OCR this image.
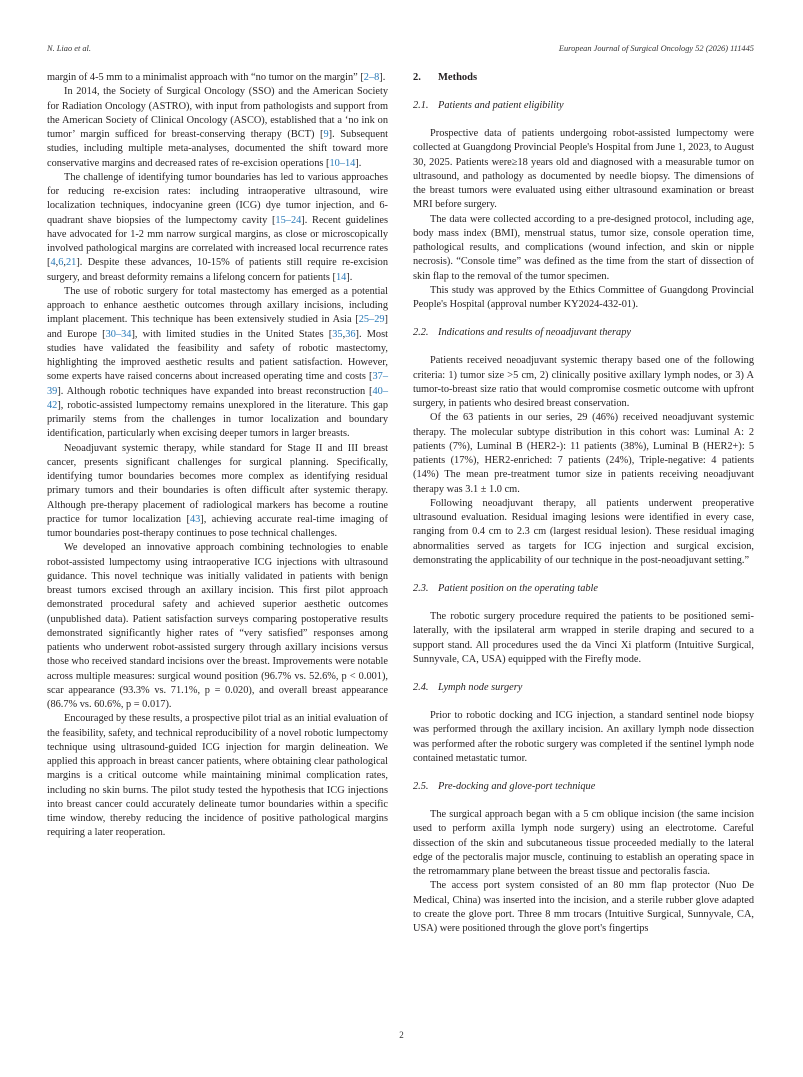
N. Liao et al.	European Journal of Surgical Oncology 52 (2026) 111445

margin of 4-5 mm to a minimalist approach with “no tumor on the margin” [2–8].

In 2014, the Society of Surgical Oncology (SSO) and the American Society for Radiation Oncology (ASTRO), with input from pathologists and support from the American Society of Clinical Oncology (ASCO), established that a ‘no ink on tumor’ margin sufficed for breast-conserving therapy (BCT) [9]. Subsequent studies, including multiple meta-analyses, documented the shift toward more conservative margins and decreased rates of re-excision operations [10–14].

The challenge of identifying tumor boundaries has led to various approaches for reducing re-excision rates: including intraoperative ultrasound, wire localization techniques, indocyanine green (ICG) dye tumor injection, and 6-quadrant shave biopsies of the lumpectomy cavity [15–24]. Recent guidelines have advocated for 1-2 mm narrow surgical margins, as close or microscopically involved pathological margins are correlated with increased local recurrence rates [4,6,21]. Despite these advances, 10-15% of patients still require re-excision surgery, and breast deformity remains a lifelong concern for patients [14].

The use of robotic surgery for total mastectomy has emerged as a potential approach to enhance aesthetic outcomes through axillary incisions, including implant placement. This technique has been extensively studied in Asia [25–29] and Europe [30–34], with limited studies in the United States [35,36]. Most studies have validated the feasibility and safety of robotic mastectomy, highlighting the improved aesthetic results and patient satisfaction. However, some experts have raised concerns about increased operating time and costs [37–39]. Although robotic techniques have expanded into breast reconstruction [40–42], robotic-assisted lumpectomy remains unexplored in the literature. This gap primarily stems from the challenges in tumor localization and boundary identification, particularly when excising deeper tumors in larger breasts.

Neoadjuvant systemic therapy, while standard for Stage II and III breast cancer, presents significant challenges for surgical planning. Specifically, identifying tumor boundaries becomes more complex as identifying residual primary tumors and their boundaries is often difficult after systemic therapy. Although pre-therapy placement of radiological markers has become a routine practice for tumor localization [43], achieving accurate real-time imaging of tumor boundaries post-therapy continues to pose technical challenges.

We developed an innovative approach combining technologies to enable robot-assisted lumpectomy using intraoperative ICG injections with ultrasound guidance. This novel technique was initially validated in patients with benign breast tumors excised through an axillary incision. This first pilot approach demonstrated procedural safety and achieved superior aesthetic outcomes (unpublished data). Patient satisfaction surveys comparing postoperative results demonstrated significantly higher rates of “very satisfied” responses among patients who underwent robot-assisted surgery through axillary incisions versus those who received standard incisions over the breast. Improvements were notable across multiple measures: surgical wound position (96.7% vs. 52.6%, p < 0.001), scar appearance (93.3% vs. 71.1%, p = 0.020), and overall breast appearance (86.7% vs. 60.6%, p = 0.017).

Encouraged by these results, a prospective pilot trial as an initial evaluation of the feasibility, safety, and technical reproducibility of a novel robotic lumpectomy technique using ultrasound-guided ICG injection for margin delineation. We applied this approach in breast cancer patients, where obtaining clear pathological margins is a critical outcome while maintaining minimal complication rates, including no skin burns. The pilot study tested the hypothesis that ICG injections into breast cancer could accurately delineate tumor boundaries within a specific time window, thereby reducing the incidence of positive pathological margins requiring a later reoperation.

2. Methods
2.1. Patients and patient eligibility

Prospective data of patients undergoing robot-assisted lumpectomy were collected at Guangdong Provincial People's Hospital from June 1, 2023, to August 30, 2025. Patients were≥18 years old and diagnosed with a measurable tumor on ultrasound, and pathology as documented by needle biopsy. The dimensions of the breast tumors were evaluated using either ultrasound examination or breast MRI before surgery.

The data were collected according to a pre-designed protocol, including age, body mass index (BMI), menstrual status, tumor size, console operation time, pathological results, and complications (wound infection, and skin or nipple necrosis). “Console time” was defined as the time from the start of dissection of skin flap to the removal of the tumor specimen.

This study was approved by the Ethics Committee of Guangdong Provincial People's Hospital (approval number KY2024-432-01).

2.2. Indications and results of neoadjuvant therapy

Patients received neoadjuvant systemic therapy based one of the following criteria: 1) tumor size >5 cm, 2) clinically positive axillary lymph nodes, or 3) A tumor-to-breast size ratio that would compromise cosmetic outcome with upfront surgery, in patients who desired breast conservation.

Of the 63 patients in our series, 29 (46%) received neoadjuvant systemic therapy. The molecular subtype distribution in this cohort was: Luminal A: 2 patients (7%), Luminal B (HER2-): 11 patients (38%), Luminal B (HER2+): 5 patients (17%), HER2-enriched: 7 patients (24%), Triple-negative: 4 patients (14%) The mean pre-treatment tumor size in patients receiving neoadjuvant therapy was 3.1 ± 1.0 cm.

Following neoadjuvant therapy, all patients underwent preoperative ultrasound evaluation. Residual imaging lesions were identified in every case, ranging from 0.4 cm to 2.3 cm (largest residual lesion). These residual imaging abnormalities served as targets for ICG injection and surgical excision, demonstrating the applicability of our technique in the post-neoadjuvant setting.”

2.3. Patient position on the operating table

The robotic surgery procedure required the patients to be positioned semi-laterally, with the ipsilateral arm wrapped in sterile draping and secured to a support stand. All procedures used the da Vinci Xi platform (Intuitive Surgical, Sunnyvale, CA, USA) equipped with the Firefly mode.

2.4. Lymph node surgery

Prior to robotic docking and ICG injection, a standard sentinel node biopsy was performed through the axillary incision. An axillary lymph node dissection was performed after the robotic surgery was completed if the sentinel lymph node contained metastatic tumor.

2.5. Pre-docking and glove-port technique

The surgical approach began with a 5 cm oblique incision (the same incision used to perform axilla lymph node surgery) using an electrotome. Careful dissection of the skin and subcutaneous tissue proceeded medially to the lateral edge of the pectoralis major muscle, continuing to establish an operating space in the retromammary plane between the breast tissue and pectoralis fascia.

The access port system consisted of an 80 mm flap protector (Nuo De Medical, China) was inserted into the incision, and a sterile rubber glove adapted to create the glove port. Three 8 mm trocars (Intuitive Surgical, Sunnyvale, CA, USA) were positioned through the glove port's fingertips

2
